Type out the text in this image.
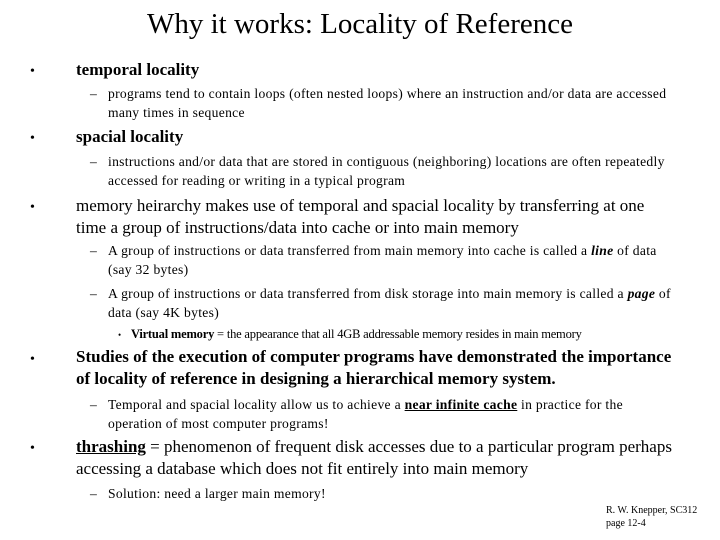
Why it works: Locality of Reference
• temporal locality
– programs tend to contain loops (often nested loops) where an instruction and/or data are accessed many times in sequence
• spacial locality
– instructions and/or data that are stored in contiguous (neighboring) locations are often repeatedly accessed for reading or writing in a typical program
• memory heirarchy makes use of temporal and spacial locality by transferring at one time a group of instructions/data into cache or into main memory
– A group of instructions or data transferred from main memory into cache is called a line of data (say 32 bytes)
– A group of instructions or data transferred from disk storage into main memory is called a page of data (say 4K bytes)
• Virtual memory = the appearance that all 4GB addressable memory resides in main memory
• Studies of the execution of computer programs have demonstrated the importance of locality of reference in designing a hierarchical memory system.
– Temporal and spacial locality allow us to achieve a near infinite cache in practice for the operation of most computer programs!
• thrashing = phenomenon of frequent disk accesses due to a particular program perhaps accessing a database which does not fit entirely into main memory
– Solution: need a larger main memory!
R. W. Knepper, SC312
page 12-4
